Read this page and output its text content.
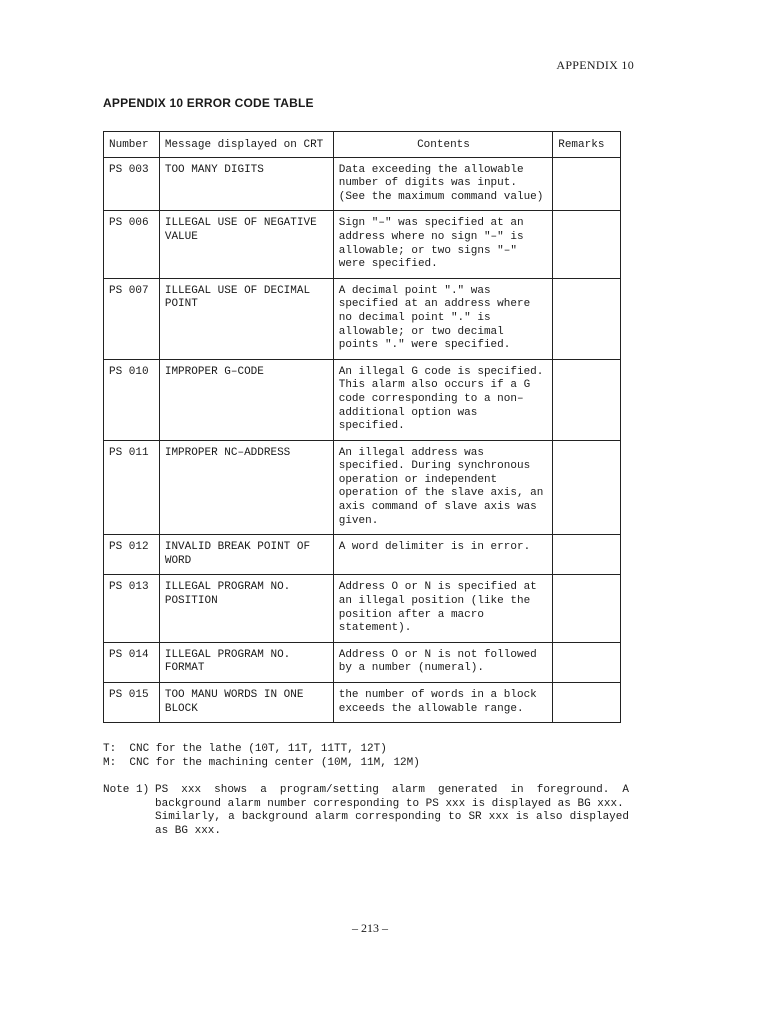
APPENDIX 10
APPENDIX 10 ERROR CODE TABLE
Number	Message displayed on CRT	Contents	Remarks
PS 003	TOO MANY DIGITS	Data exceeding the allowable number of digits was input. (See the maximum command value)	
PS 006	ILLEGAL USE OF NEGATIVE VALUE	Sign "–" was specified at an address where no sign "–" is allowable; or two signs "–" were specified.	
PS 007	ILLEGAL USE OF DECIMAL POINT	A decimal point "." was specified at an address where no decimal point "." is allowable; or two decimal points "." were specified.	
PS 010	IMPROPER G–CODE	An illegal G code is specified. This alarm also occurs if a G code corresponding to a non–additional option was specified.	
PS 011	IMPROPER NC–ADDRESS	An illegal address was specified. During synchronous operation or independent operation of the slave axis, an axis command of slave axis was given.	
PS 012	INVALID BREAK POINT OF WORD	A word delimiter is in error.	
PS 013	ILLEGAL PROGRAM NO. POSITION	Address O or N is specified at an illegal position (like the position after a macro statement).	
PS 014	ILLEGAL PROGRAM NO. FORMAT	Address O or N is not followed by a number (numeral).	
PS 015	TOO MANU WORDS IN ONE BLOCK	the number of words in a block exceeds the allowable range.	
T:  CNC for the lathe (10T, 11T, 11TT, 12T)
M:  CNC for the machining center (10M, 11M, 12M)
Note 1) PS xxx shows a program/setting alarm generated in foreground. A background alarm number corresponding to PS xxx is displayed as BG xxx.

Similarly, a background alarm corresponding to SR xxx is also displayed as BG xxx.

– 213 –
